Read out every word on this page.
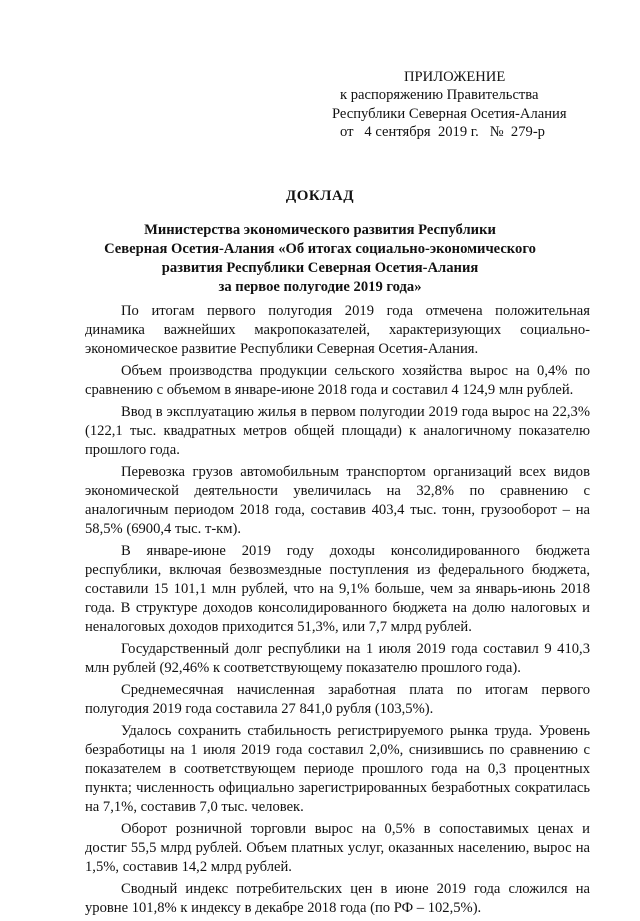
ПРИЛОЖЕНИЕ
к распоряжению Правительства
Республики Северная Осетия-Алания
от   4 сентября  2019 г.   №  279-р
ДОКЛАД
Министерства экономического развития Республики
Северная Осетия-Алания «Об итогах социально-экономического
развития Республики Северная Осетия-Алания
за первое полугодие 2019 года»

По итогам первого полугодия 2019 года отмечена положительная динамика важнейших макропоказателей, характеризующих социально-экономическое развитие Республики Северная Осетия-Алания.

Объем производства продукции сельского хозяйства вырос на 0,4% по сравнению с объемом в январе-июне 2018 года и составил 4 124,9 млн рублей.

Ввод в эксплуатацию жилья в первом полугодии 2019 года вырос на 22,3% (122,1 тыс. квадратных метров общей площади) к аналогичному показателю прошлого года.

Перевозка грузов автомобильным транспортом организаций всех видов экономической деятельности увеличилась на 32,8% по сравнению с аналогичным периодом 2018 года, составив 403,4 тыс. тонн, грузооборот – на 58,5% (6900,4 тыс. т-км).

В январе-июне 2019 году доходы консолидированного бюджета республики, включая безвозмездные поступления из федерального бюджета, составили 15 101,1 млн рублей, что на 9,1% больше, чем за январь-июнь 2018 года. В структуре доходов консолидированного бюджета на долю налоговых и неналоговых доходов приходится 51,3%, или 7,7 млрд рублей.

Государственный долг республики на 1 июля 2019 года составил 9 410,3 млн рублей (92,46% к соответствующему показателю прошлого года).

Среднемесячная начисленная заработная плата по итогам первого полугодия 2019 года составила 27 841,0 рубля (103,5%).

Удалось сохранить стабильность регистрируемого рынка труда. Уровень безработицы на 1 июля 2019 года составил 2,0%, снизившись по сравнению с показателем в соответствующем периоде прошлого года на 0,3 процентных пункта; численность официально зарегистрированных безработных сократилась на 7,1%, составив 7,0 тыс. человек.

Оборот розничной торговли вырос на 0,5% в сопоставимых ценах и достиг 55,5 млрд рублей. Объем платных услуг, оказанных населению, вырос на 1,5%, составив 14,2 млрд рублей.

Сводный индекс потребительских цен в июне 2019 года сложился на уровне 101,8% к индексу в декабре 2018 года (по РФ – 102,5%).
